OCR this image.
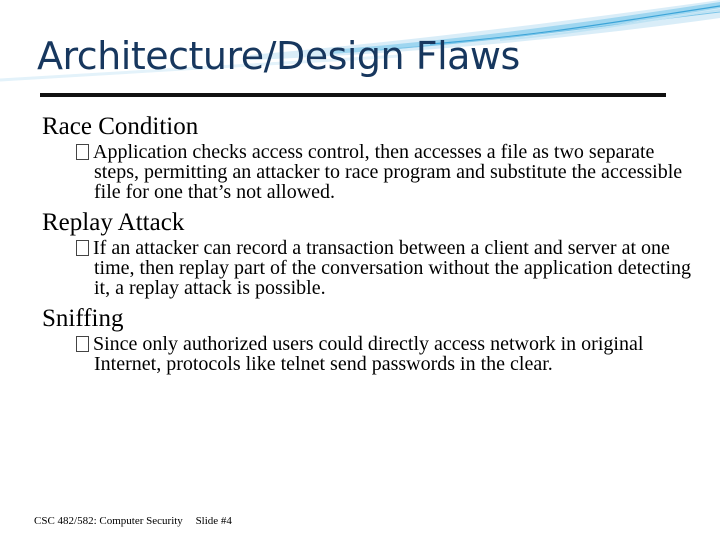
Architecture/Design Flaws

Race Condition

Application checks access control, then accesses a file as two separate steps, permitting an attacker to race program and substitute the accessible file for one that’s not allowed.

Replay Attack

If an attacker can record a transaction between a client and server at one time, then replay part of the conversation without the application detecting it, a replay attack is possible.

Sniffing

Since only authorized users could directly access network in original Internet, protocols like telnet send passwords in the clear.

CSC 482/582: Computer Security Slide #4
